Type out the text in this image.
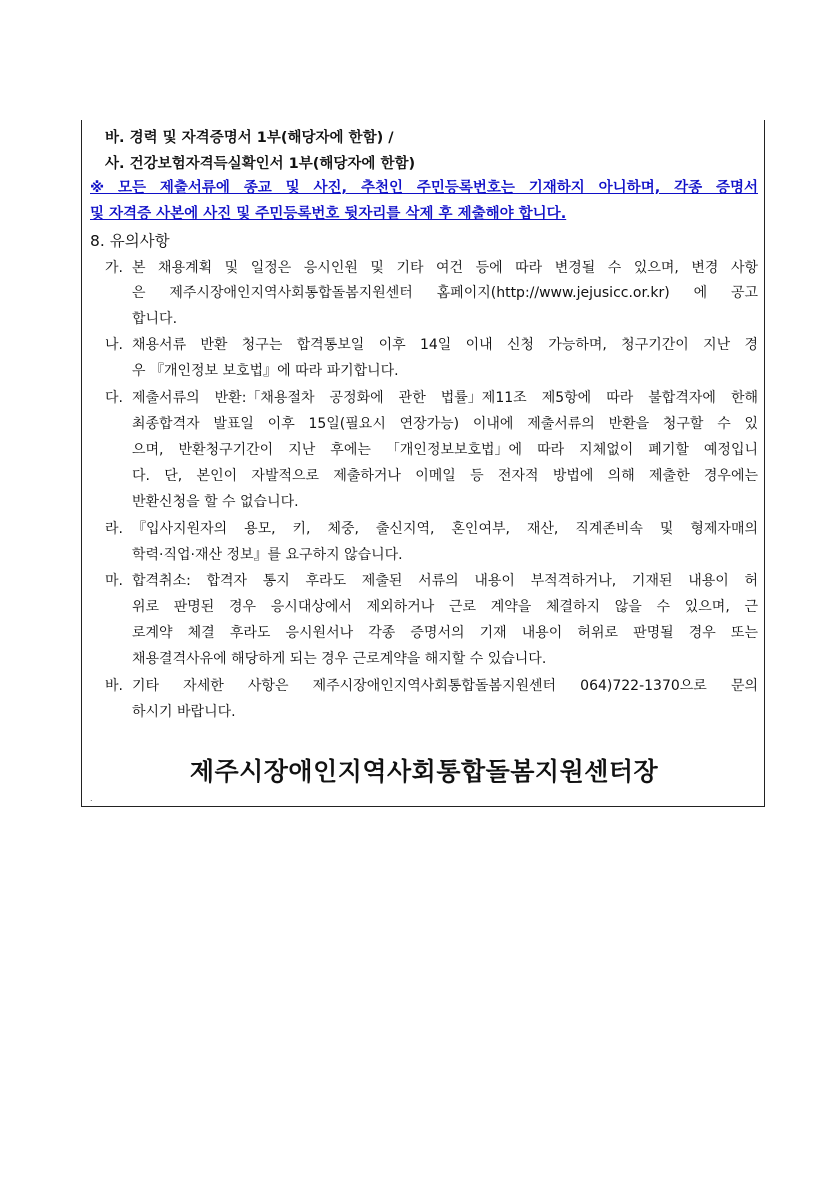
바. 경력 및 자격증명서 1부(해당자에 한함) /
사. 건강보험자격득실확인서 1부(해당자에 한함)
※ 모든 제출서류에 종교 및 사진, 추천인 주민등록번호는 기재하지 아니하며, 각종 증명서
및 자격증 사본에 사진 및 주민등록번호 뒷자리를 삭제 후 제출해야 합니다.
8. 유의사항
가. 본 채용계획 및 일정은 응시인원 및 기타 여건 등에 따라 변경될 수 있으며, 변경 사항
은 제주시장애인지역사회통합돌봄지원센터 홈페이지(http://www.jejusicc.or.kr) 에 공고
합니다.
나. 채용서류 반환 청구는 합격통보일 이후 14일 이내 신청 가능하며, 청구기간이 지난 경
우 『개인정보 보호법』에 따라 파기합니다.
다. 제출서류의 반환:「채용절차 공정화에 관한 법률」제11조 제5항에 따라 불합격자에 한해
최종합격자 발표일 이후 15일(필요시 연장가능) 이내에 제출서류의 반환을 청구할 수 있
으며, 반환청구기간이 지난 후에는 「개인정보보호법」에 따라 지체없이 폐기할 예정입니
다. 단, 본인이 자발적으로 제출하거나 이메일 등 전자적 방법에 의해 제출한 경우에는
반환신청을 할 수 없습니다.
라. 『입사지원자의 용모, 키, 체중, 출신지역, 혼인여부, 재산, 직계존비속 및 형제자매의
학력·직업·재산 정보』를 요구하지 않습니다.
마. 합격취소: 합격자 통지 후라도 제출된 서류의 내용이 부적격하거나, 기재된 내용이 허
위로 판명된 경우 응시대상에서 제외하거나 근로 계약을 체결하지 않을 수 있으며, 근
로계약 체결 후라도 응시원서나 각종 증명서의 기재 내용이 허위로 판명될 경우 또는
채용결격사유에 해당하게 되는 경우 근로계약을 해지할 수 있습니다.
바. 기타 자세한 사항은 제주시장애인지역사회통합돌봄지원센터 064)722-1370으로 문의
하시기 바랍니다.
제주시장애인지역사회통합돌봄지원센터장
.
